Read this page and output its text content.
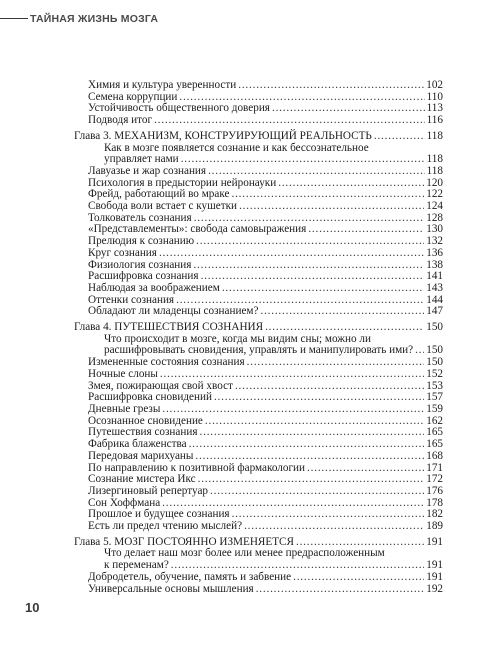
ТАЙНАЯ ЖИЗНЬ МОЗГА
Химия и культура уверенности . . .	102
Семена коррупции . . .	110
Устойчивость общественного доверия . . .	113
Подводя итог . . .	116
Глава 3. МЕХАНИЗМ, КОНСТРУИРУЮЩИЙ РЕАЛЬНОСТЬ . . .	118
Как в мозге появляется сознание и как бессознательное
управляет нами . . .	118
Лавуазье и жар сознания . . .	118
Психология в предыстории нейронауки . . .	120
Фрейд, работающий во мраке . . .	122
Свобода воли встает с кушетки . . .	124
Толкователь сознания . . .	128
«Представлементы»: свобода самовыражения . . .	130
Прелюдия к сознанию . . .	132
Круг сознания . . .	136
Физиология сознания . . .	138
Расшифровка сознания . . .	141
Наблюдая за воображением . . .	143
Оттенки сознания . . .	144
Обладают ли младенцы сознанием? . . .	147
Глава 4. ПУТЕШЕСТВИЯ СОЗНАНИЯ . . .	150
Что происходит в мозге, когда мы видим сны; можно ли
расшифровывать сновидения, управлять и манипулировать ими? . . . 150
Измененные состояния сознания . . .	150
Ночные слоны . . .	152
Змея, пожирающая свой хвост . . .	153
Расшифровка сновидений . . .	157
Дневные грезы . . .	159
Осознанное сновидение . . .	162
Путешествия сознания . . .	165
Фабрика блаженства . . .	165
Передовая марихуаны . . .	168
По направлению к позитивной фармакологии . . .	171
Сознание мистера Икс . . .	172
Лизергиновый репертуар . . .	176
Сон Хоффмана . . .	178
Прошлое и будущее сознания . . .	182
Есть ли предел чтению мыслей? . . .	189
Глава 5. МОЗГ ПОСТОЯННО ИЗМЕНЯЕТСЯ . . .	191
Что делает наш мозг более или менее предрасположенным
к переменам? . . .	191
Добродетель, обучение, память и забвение . . .	191
Универсальные основы мышления . . .	192
10
